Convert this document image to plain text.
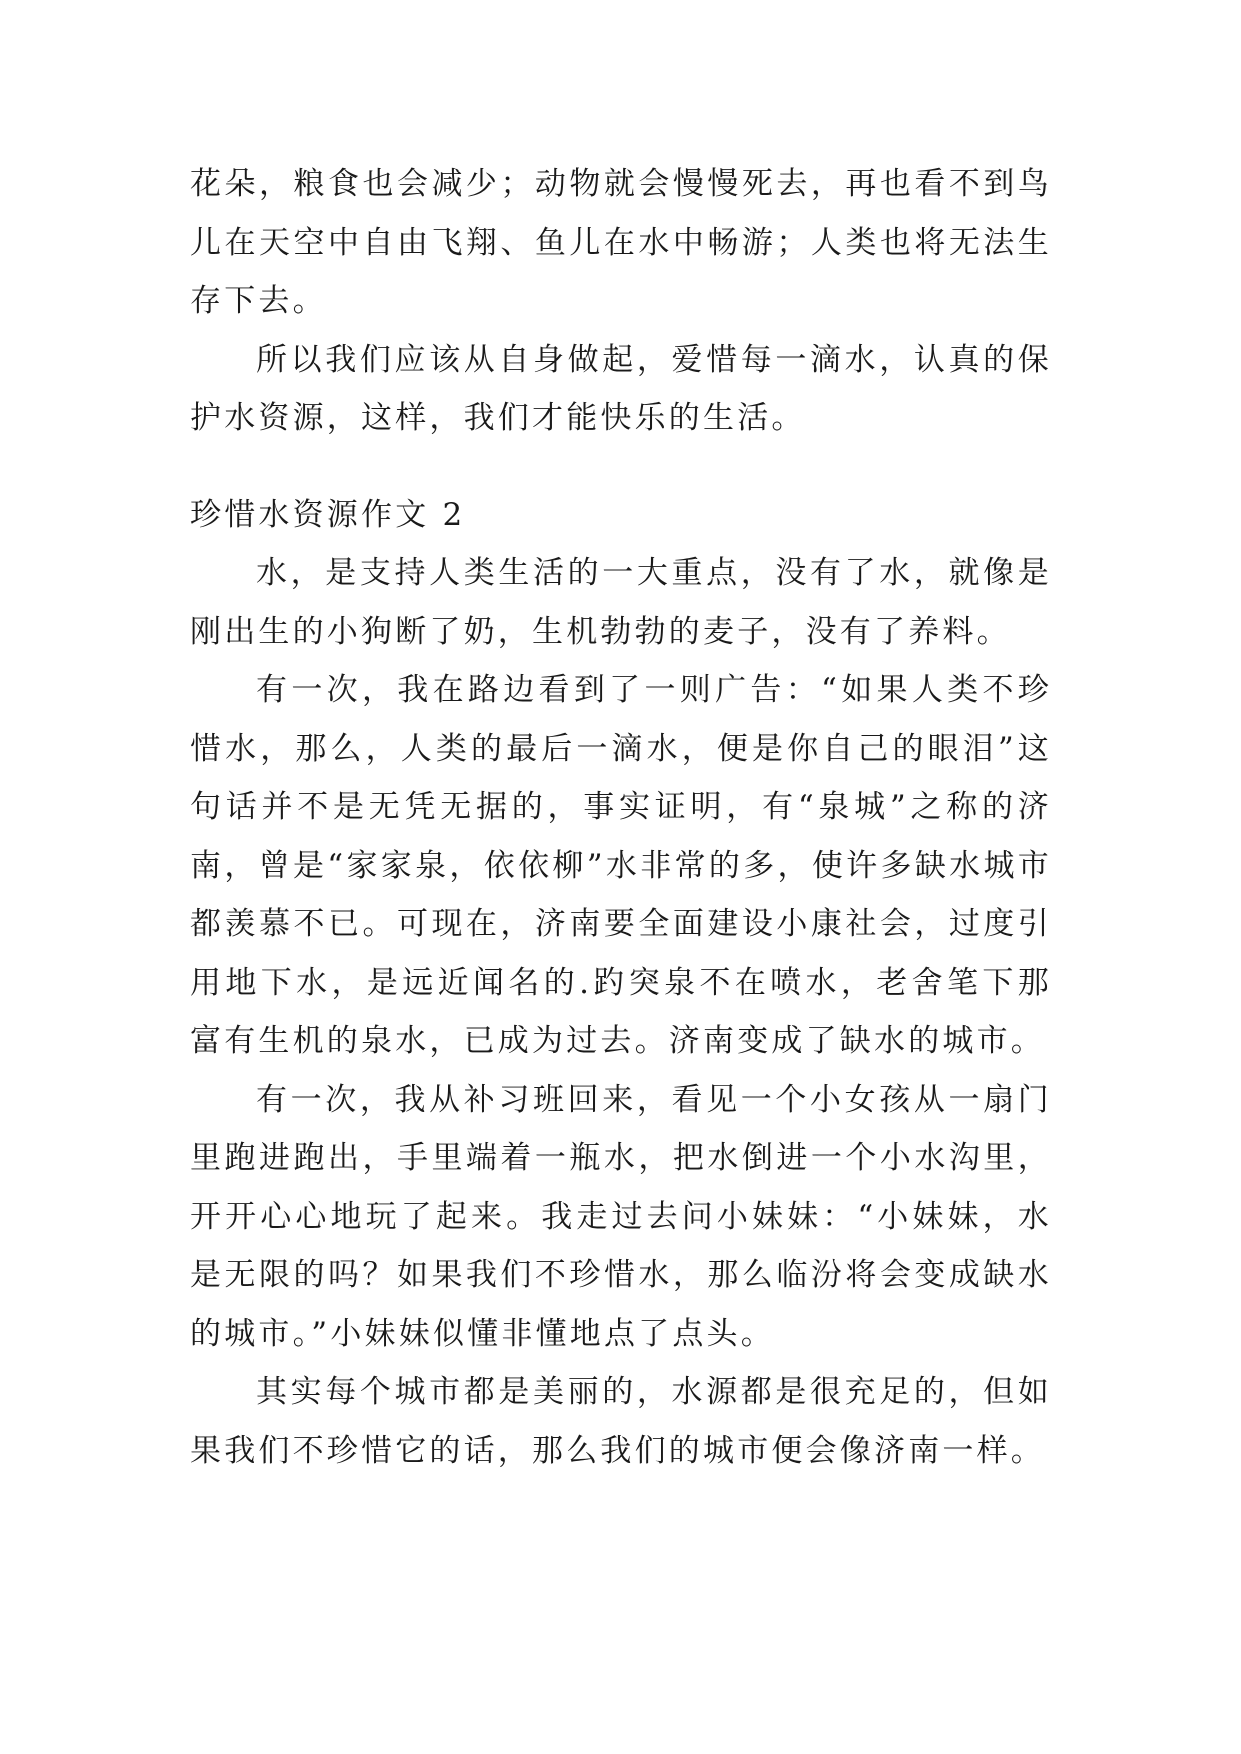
花朵，粮食也会减少；动物就会慢慢死去，再也看不到鸟儿在天空中自由飞翔、鱼儿在水中畅游；人类也将无法生存下去。

所以我们应该从自身做起，爱惜每一滴水，认真的保护水资源，这样，我们才能快乐的生活。

珍惜水资源作文 2

水，是支持人类生活的一大重点，没有了水，就像是刚出生的小狗断了奶，生机勃勃的麦子，没有了养料。

有一次，我在路边看到了一则广告：“如果人类不珍惜水，那么，人类的最后一滴水，便是你自己的眼泪”这句话并不是无凭无据的，事实证明，有“泉城”之称的济南，曾是“家家泉，依依柳”水非常的多，使许多缺水城市都羡慕不已。可现在，济南要全面建设小康社会，过度引用地下水，是远近闻名的.趵突泉不在喷水，老舍笔下那富有生机的泉水，已成为过去。济南变成了缺水的城市。

有一次，我从补习班回来，看见一个小女孩从一扇门里跑进跑出，手里端着一瓶水，把水倒进一个小水沟里，开开心心地玩了起来。我走过去问小妹妹：“小妹妹，水是无限的吗？如果我们不珍惜水，那么临汾将会变成缺水的城市。”小妹妹似懂非懂地点了点头。

其实每个城市都是美丽的，水源都是很充足的，但如果我们不珍惜它的话，那么我们的城市便会像济南一样。
